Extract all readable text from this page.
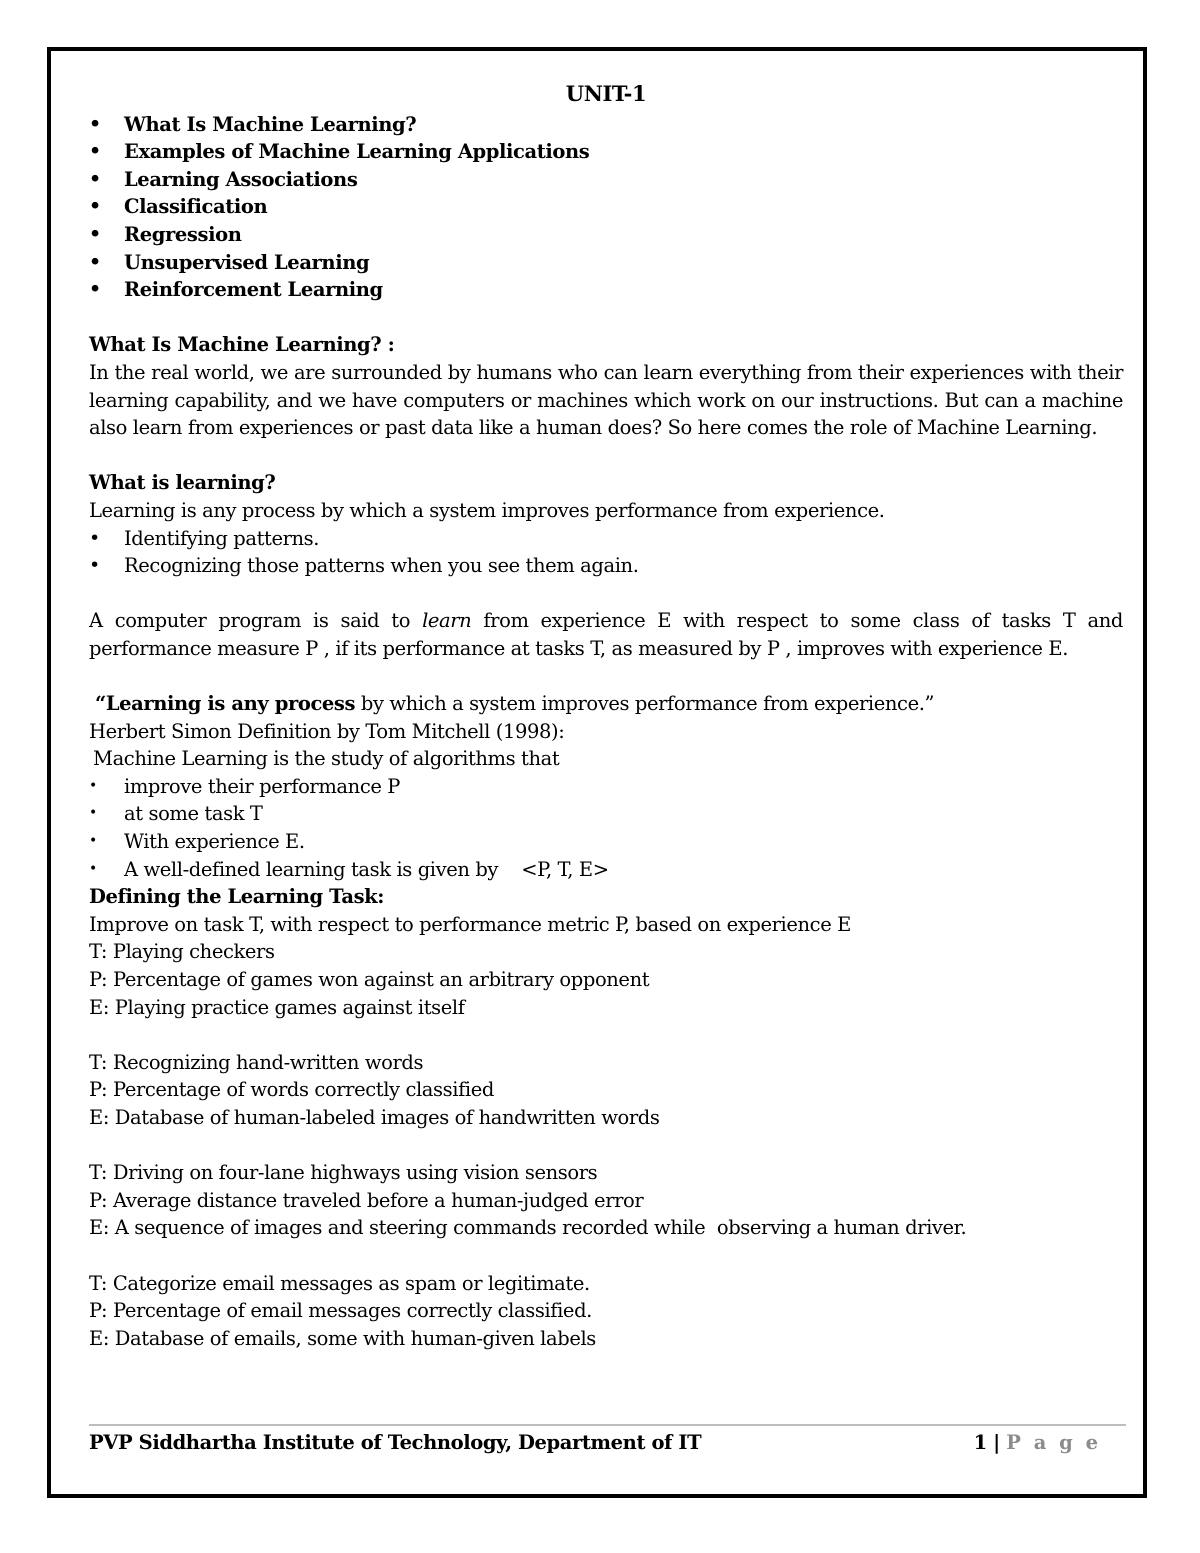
UNIT-1
• What Is Machine Learning?
• Examples of Machine Learning Applications
• Learning Associations
• Classification
• Regression
• Unsupervised Learning
• Reinforcement Learning
What Is Machine Learning? :
In the real world, we are surrounded by humans who can learn everything from their experiences with their learning capability, and we have computers or machines which work on our instructions. But can a machine also learn from experiences or past data like a human does? So here comes the role of Machine Learning.
What is learning?
Learning is any process by which a system improves performance from experience.
• Identifying patterns.
• Recognizing those patterns when you see them again.
A computer program is said to learn from experience E with respect to some class of tasks T and performance measure P , if its performance at tasks T, as measured by P , improves with experience E.
“Learning is any process by which a system improves performance from experience.”
Herbert Simon Definition by Tom Mitchell (1998):
Machine Learning is the study of algorithms that
• improve their performance P
• at some task T
• With experience E.
• A well-defined learning task is given by    <P, T, E>
Defining the Learning Task:
Improve on task T, with respect to performance metric P, based on experience E
T: Playing checkers
P: Percentage of games won against an arbitrary opponent
E: Playing practice games against itself
T: Recognizing hand-written words
P: Percentage of words correctly classified
E: Database of human-labeled images of handwritten words
T: Driving on four-lane highways using vision sensors
P: Average distance traveled before a human-judged error
E: A sequence of images and steering commands recorded while  observing a human driver.
T: Categorize email messages as spam or legitimate.
P: Percentage of email messages correctly classified.
E: Database of emails, some with human-given labels
PVP Siddhartha Institute of Technology, Department of IT	1 | P a g e
